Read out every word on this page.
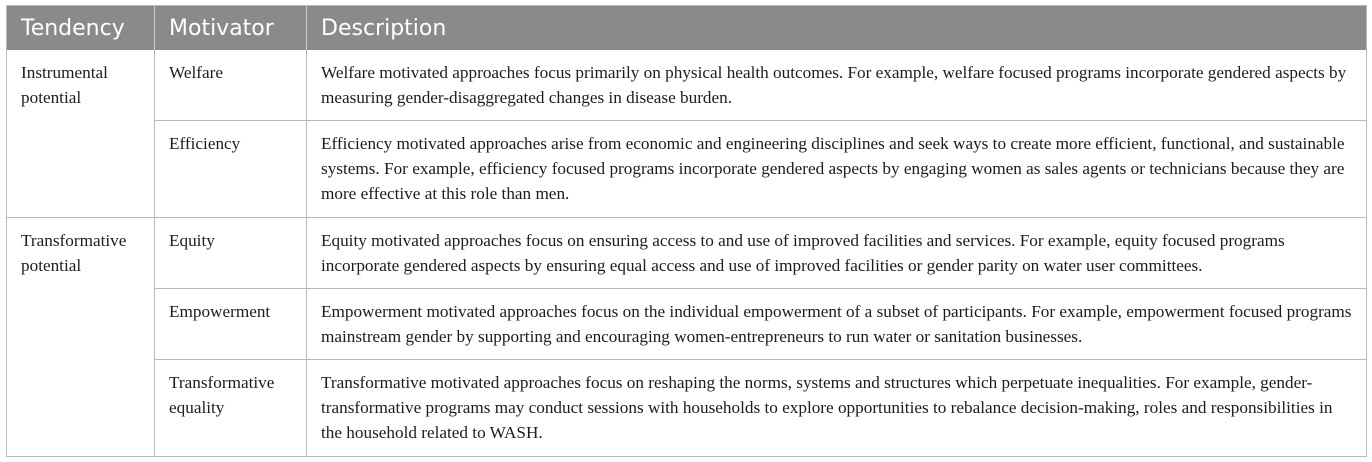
Tendency	Motivator	Description
Instrumental potential	Welfare	Welfare motivated approaches focus primarily on physical health outcomes. For example, welfare focused programs incorporate gendered aspects by measuring gender-disaggregated changes in disease burden.
	Efficiency	Efficiency motivated approaches arise from economic and engineering disciplines and seek ways to create more efficient, functional, and sustainable systems. For example, efficiency focused programs incorporate gendered aspects by engaging women as sales agents or technicians because they are more effective at this role than men.
Transformative potential	Equity	Equity motivated approaches focus on ensuring access to and use of improved facilities and services. For example, equity focused programs incorporate gendered aspects by ensuring equal access and use of improved facilities or gender parity on water user committees.
	Empowerment	Empowerment motivated approaches focus on the individual empowerment of a subset of participants. For example, empowerment focused programs mainstream gender by supporting and encouraging women-entrepreneurs to run water or sanitation businesses.
	Transformative equality	Transformative motivated approaches focus on reshaping the norms, systems and structures which perpetuate inequalities. For example, gender-transformative programs may conduct sessions with households to explore opportunities to rebalance decision-making, roles and responsibilities in the household related to WASH.
